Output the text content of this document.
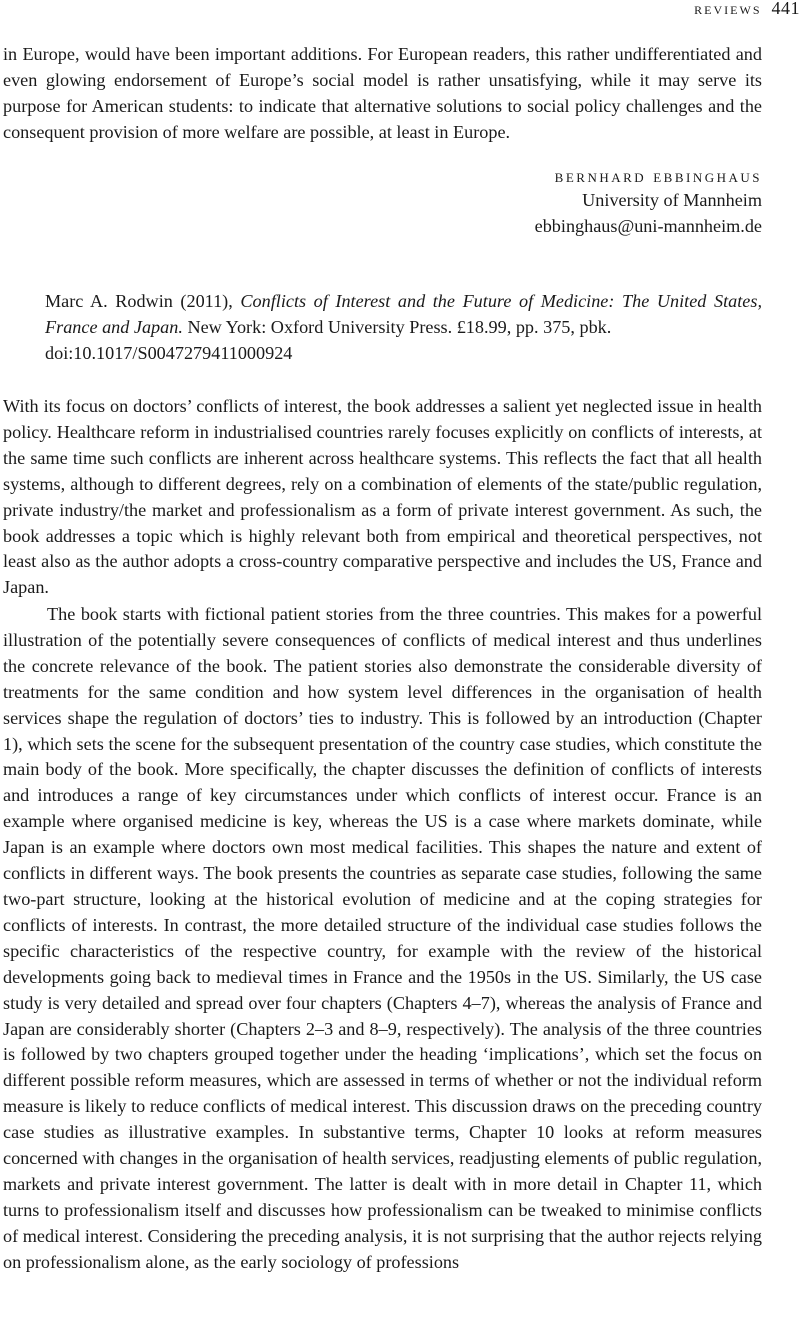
reviews 441

in Europe, would have been important additions. For European readers, this rather undifferentiated and even glowing endorsement of Europe’s social model is rather unsatisfying, while it may serve its purpose for American students: to indicate that alternative solutions to social policy challenges and the consequent provision of more welfare are possible, at least in Europe.

bernhard ebbinghaus
University of Mannheim
ebbinghaus@uni-mannheim.de

Marc A. Rodwin (2011), Conflicts of Interest and the Future of Medicine: The United States, France and Japan. New York: Oxford University Press. £18.99, pp. 375, pbk.
doi:10.1017/S0047279411000924

With its focus on doctors’ conflicts of interest, the book addresses a salient yet neglected issue in health policy. Healthcare reform in industrialised countries rarely focuses explicitly on conflicts of interests, at the same time such conflicts are inherent across healthcare systems. This reflects the fact that all health systems, although to different degrees, rely on a combination of elements of the state/public regulation, private industry/the market and professionalism as a form of private interest government. As such, the book addresses a topic which is highly relevant both from empirical and theoretical perspectives, not least also as the author adopts a cross-country comparative perspective and includes the US, France and Japan.

The book starts with fictional patient stories from the three countries. This makes for a powerful illustration of the potentially severe consequences of conflicts of medical interest and thus underlines the concrete relevance of the book. The patient stories also demonstrate the considerable diversity of treatments for the same condition and how system level differences in the organisation of health services shape the regulation of doctors’ ties to industry. This is followed by an introduction (Chapter 1), which sets the scene for the subsequent presentation of the country case studies, which constitute the main body of the book. More specifically, the chapter discusses the definition of conflicts of interests and introduces a range of key circumstances under which conflicts of interest occur. France is an example where organised medicine is key, whereas the US is a case where markets dominate, while Japan is an example where doctors own most medical facilities. This shapes the nature and extent of conflicts in different ways. The book presents the countries as separate case studies, following the same two-part structure, looking at the historical evolution of medicine and at the coping strategies for conflicts of interests. In contrast, the more detailed structure of the individual case studies follows the specific characteristics of the respective country, for example with the review of the historical developments going back to medieval times in France and the 1950s in the US. Similarly, the US case study is very detailed and spread over four chapters (Chapters 4–7), whereas the analysis of France and Japan are considerably shorter (Chapters 2–3 and 8–9, respectively). The analysis of the three countries is followed by two chapters grouped together under the heading ‘implications’, which set the focus on different possible reform measures, which are assessed in terms of whether or not the individual reform measure is likely to reduce conflicts of medical interest. This discussion draws on the preceding country case studies as illustrative examples. In substantive terms, Chapter 10 looks at reform measures concerned with changes in the organisation of health services, readjusting elements of public regulation, markets and private interest government. The latter is dealt with in more detail in Chapter 11, which turns to professionalism itself and discusses how professionalism can be tweaked to minimise conflicts of medical interest. Considering the preceding analysis, it is not surprising that the author rejects relying on professionalism alone, as the early sociology of professions
